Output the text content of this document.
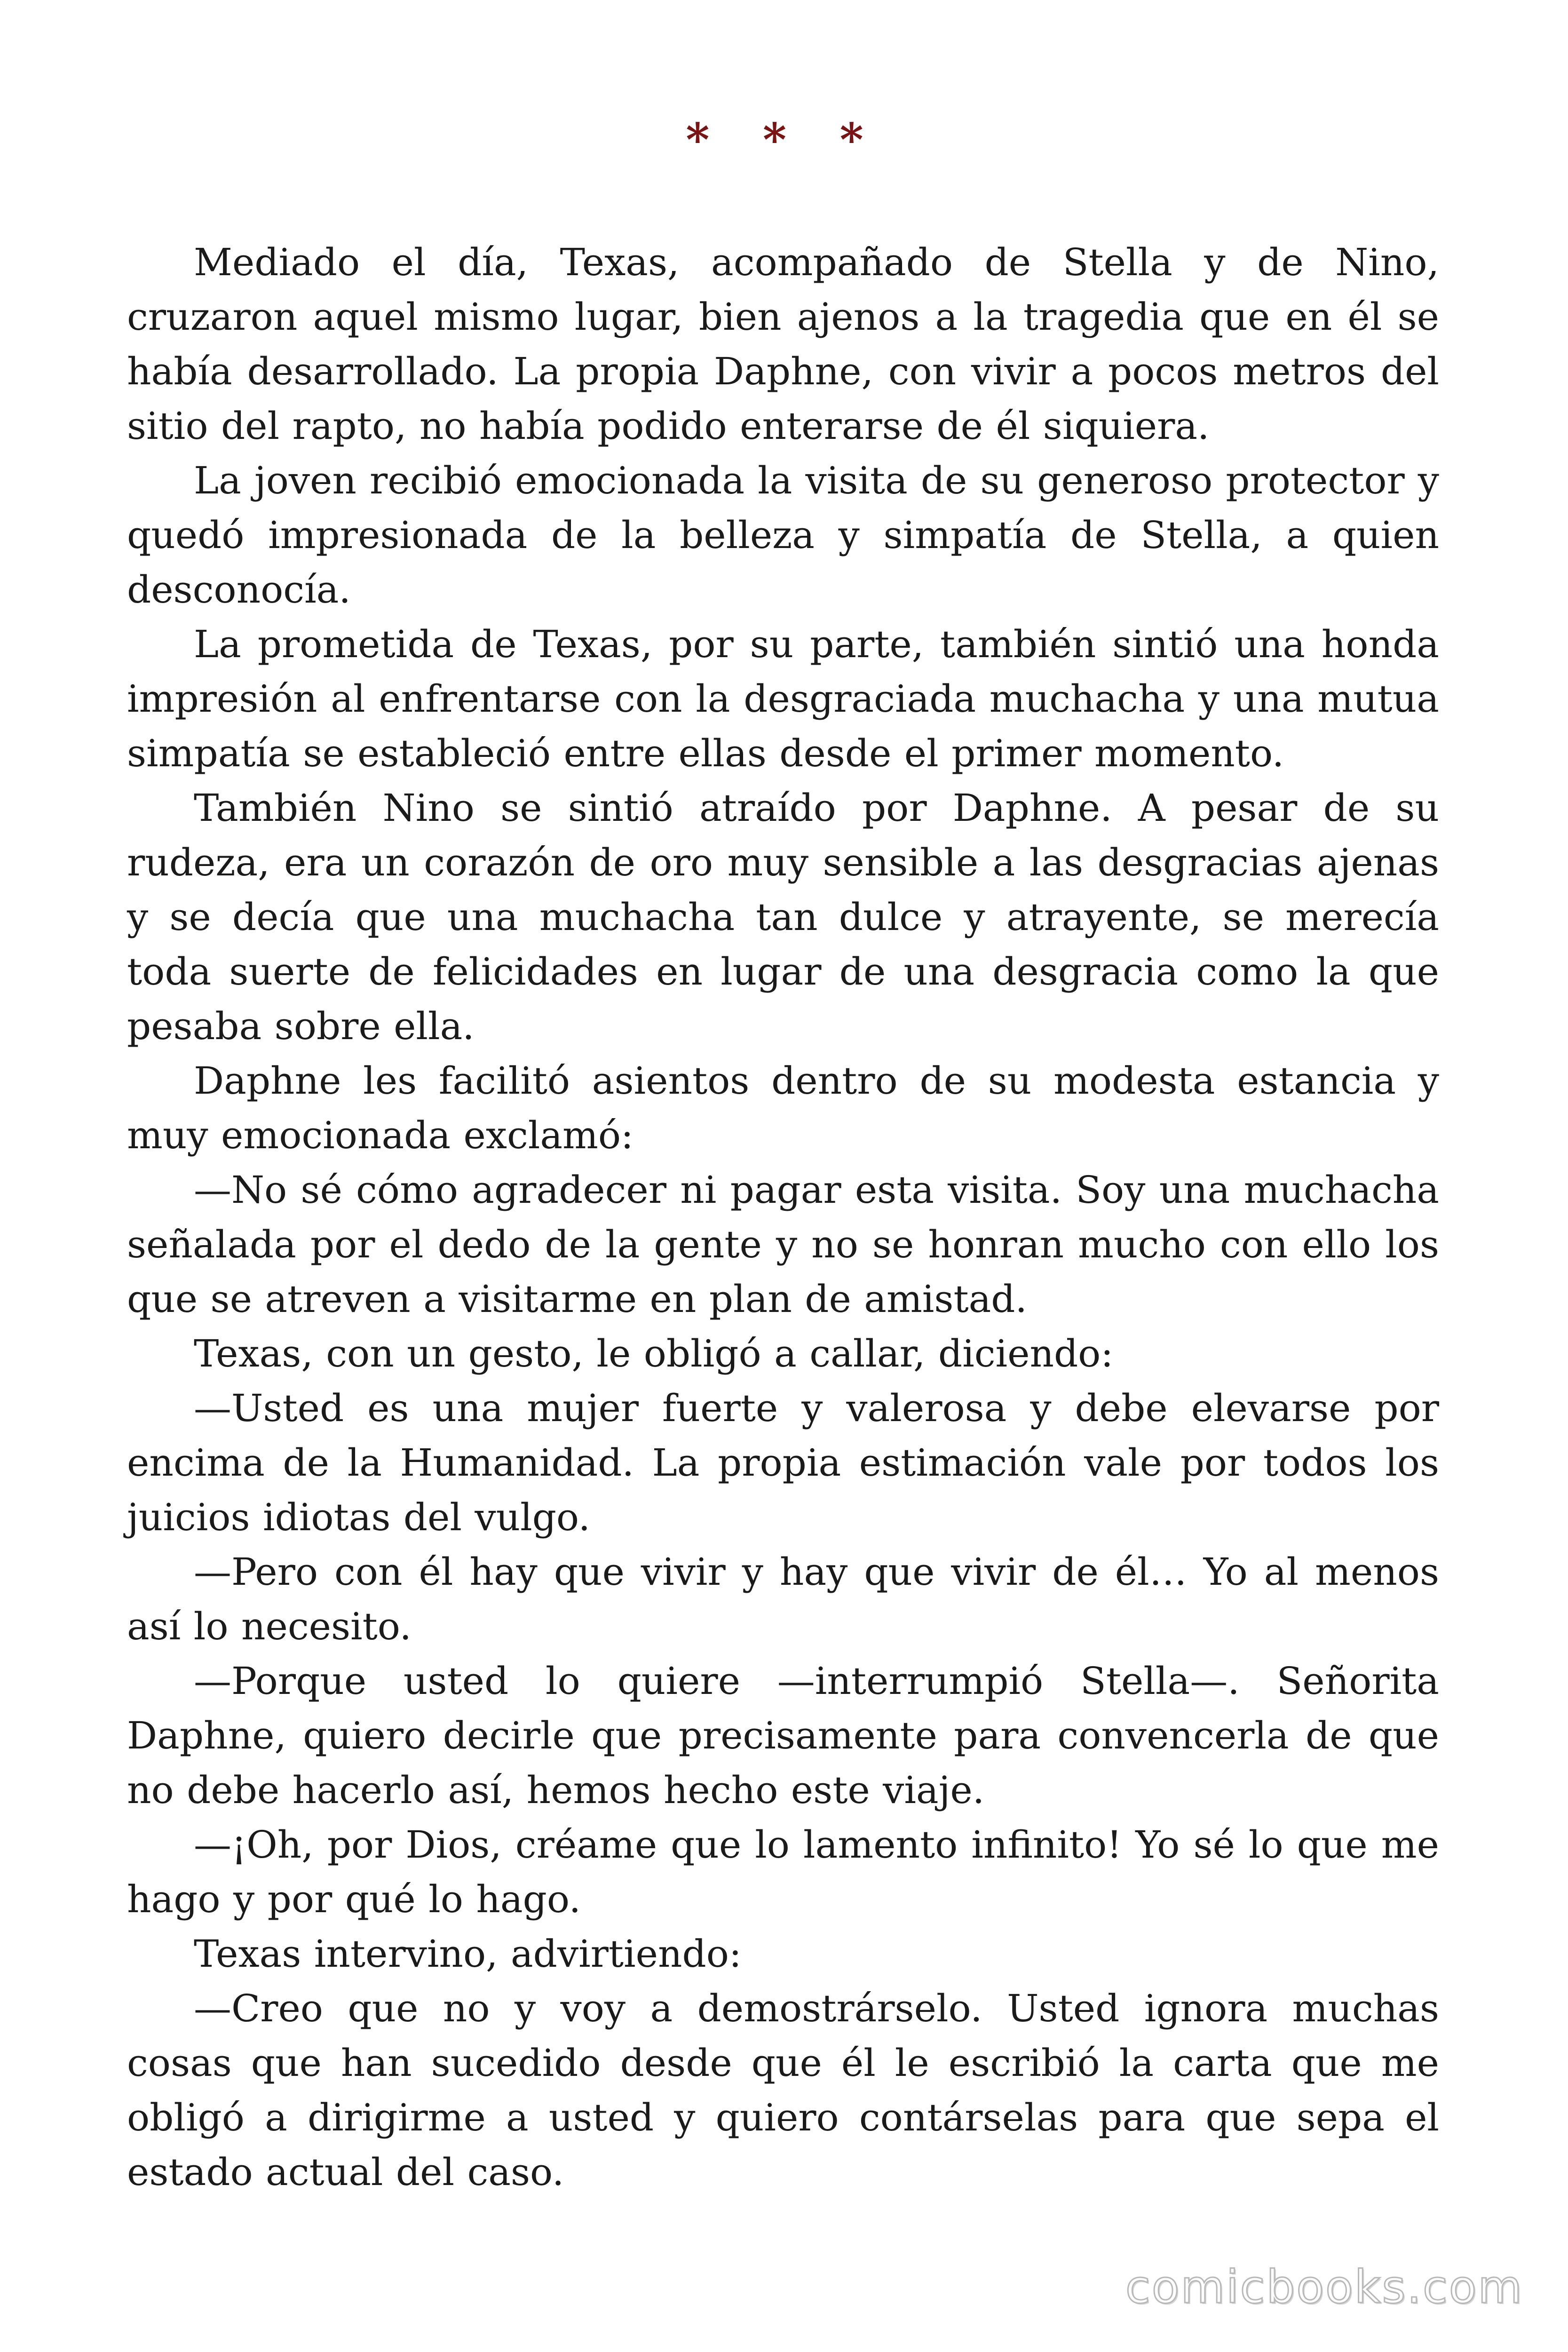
* * *

Mediado el día, Texas, acompañado de Stella y de Nino, cruzaron aquel mismo lugar, bien ajenos a la tragedia que en él se había desarrollado. La propia Daphne, con vivir a pocos metros del sitio del rapto, no había podido enterarse de él siquiera.

La joven recibió emocionada la visita de su generoso protector y quedó impresionada de la belleza y simpatía de Stella, a quien desconocía.

La prometida de Texas, por su parte, también sintió una honda impresión al enfrentarse con la desgraciada muchacha y una mutua simpatía se estableció entre ellas desde el primer momento.

También Nino se sintió atraído por Daphne. A pesar de su rudeza, era un corazón de oro muy sensible a las desgracias ajenas y se decía que una muchacha tan dulce y atrayente, se merecía toda suerte de felicidades en lugar de una desgracia como la que pesaba sobre ella.

Daphne les facilitó asientos dentro de su modesta estancia y muy emocionada exclamó:

—No sé cómo agradecer ni pagar esta visita. Soy una muchacha señalada por el dedo de la gente y no se honran mucho con ello los que se atreven a visitarme en plan de amistad.

Texas, con un gesto, le obligó a callar, diciendo:

—Usted es una mujer fuerte y valerosa y debe elevarse por encima de la Humanidad. La propia estimación vale por todos los juicios idiotas del vulgo.

—Pero con él hay que vivir y hay que vivir de él… Yo al menos así lo necesito.

—Porque usted lo quiere —interrumpió Stella—. Señorita Daphne, quiero decirle que precisamente para convencerla de que no debe hacerlo así, hemos hecho este viaje.

—¡Oh, por Dios, créame que lo lamento infinito! Yo sé lo que me hago y por qué lo hago.

Texas intervino, advirtiendo:

—Creo que no y voy a demostrárselo. Usted ignora muchas cosas que han sucedido desde que él le escribió la carta que me obligó a dirigirme a usted y quiero contárselas para que sepa el estado actual del caso.

comicbooks.com
